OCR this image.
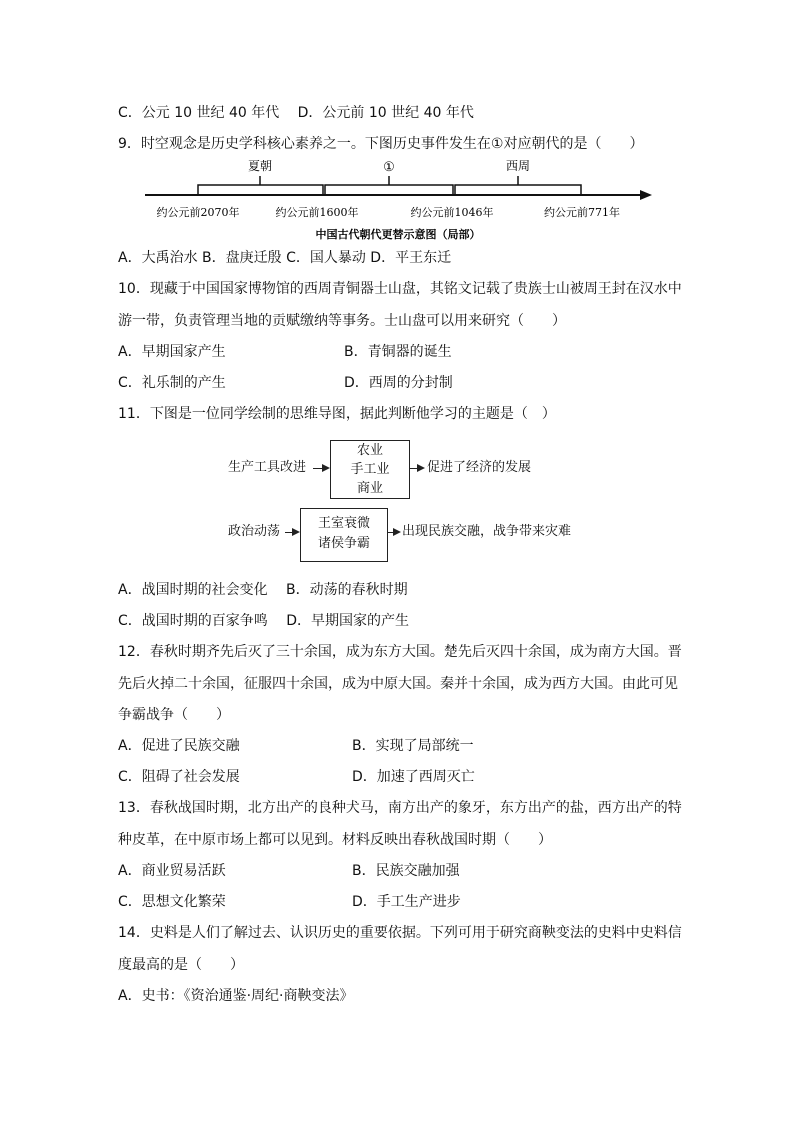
C．公元 10 世纪 40 年代　 D．公元前 10 世纪 40 年代
9．时空观念是历史学科核心素养之一。下图历史事件发生在①对应朝代的是（　　）
夏朝	①	西周
约公元前2070年	约公元前1600年	约公元前1046年	约公元前771年
中国古代朝代更替示意图（局部）
A．大禹治水 B．盘庚迁殷 C．国人暴动 D．平王东迁
10．现藏于中国国家博物馆的西周青铜器士山盘，其铭文记载了贵族士山被周王封在汉水中
游一带，负责管理当地的贡赋缴纳等事务。士山盘可以用来研究（　　）
A．早期国家产生	B．青铜器的诞生
C．礼乐制的产生	D．西周的分封制
11．下图是一位同学绘制的思维导图，据此判断他学习的主题是（　）
生产工具改进
农业
手工业
商业
促进了经济的发展
政治动荡
王室衰微
诸侯争霸
出现民族交融，战争带来灾难
A．战国时期的社会变化　 B．动荡的春秋时期
C．战国时期的百家争鸣　 D．早期国家的产生
12．春秋时期齐先后灭了三十余国，成为东方大国。楚先后灭四十余国，成为南方大国。晋
先后火掉二十余国，征服四十余国，成为中原大国。秦并十余国，成为西方大国。由此可见
争霸战争（　　）
A．促进了民族交融	B．实现了局部统一
C．阻碍了社会发展	D．加速了西周灭亡
13．春秋战国时期，北方出产的良种犬马，南方出产的象牙，东方出产的盐，西方出产的特
种皮革，在中原市场上都可以见到。材料反映出春秋战国时期（　　）
A．商业贸易活跃	B．民族交融加强
C．思想文化繁荣	D．手工生产进步
14．史料是人们了解过去、认识历史的重要依据。下列可用于研究商鞅变法的史料中史料信
度最高的是（　　）
A．史书：《资治通鉴·周纪·商鞅变法》
